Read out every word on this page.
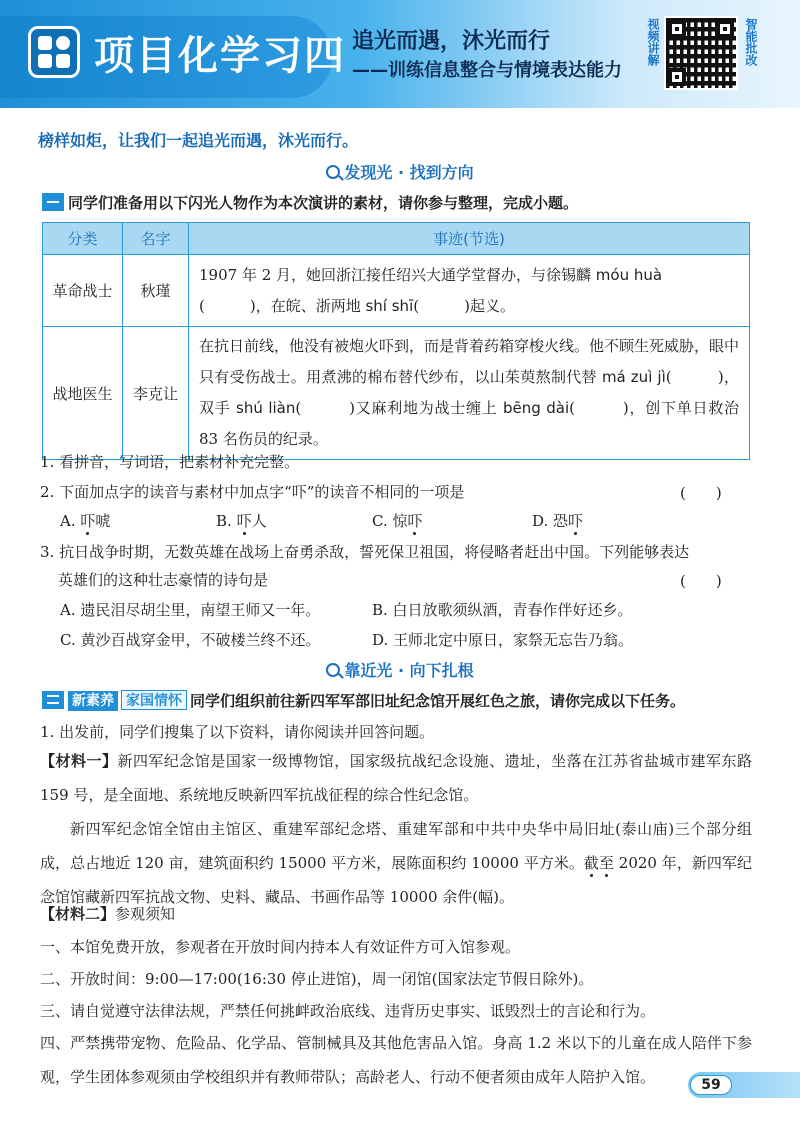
项目化学习四 追光而遇，沐光而行
——训练信息整合与情境表达能力
视频讲解	智能批改
榜样如炬，让我们一起追光而遇，沐光而行。
发现光 · 找到方向
同学们准备用以下闪光人物作为本次演讲的素材，请你参与整理，完成小题。
分类	名字	事迹(节选)
革命战士	秋瑾	1907 年 2 月，她回浙江接任绍兴大通学堂督办，与徐锡麟 móu huà
(　　　)，在皖、浙两地 shí shī(　　　)起义。
战地医生	李克让	在抗日前线，他没有被炮火吓到，而是背着药箱穿梭火线。他不顾生死威胁，眼中只有受伤战士。用煮沸的棉布替代纱布，以山茱萸熬制代替 má zuì jì(　　　)，双手 shú liàn(　　　)又麻利地为战士缠上 bēng dài(　　　)，创下单日救治 83 名伤员的纪录。
1. 看拼音，写词语，把素材补充完整。
2. 下面加点字的读音与素材中加点字“吓”的读音不相同的一项是	(　　)
A. 吓唬	B. 吓人	C. 惊吓	D. 恐吓
3. 抗日战争时期，无数英雄在战场上奋勇杀敌，誓死保卫祖国，将侵略者赶出中国。下列能够表达
英雄们的这种壮志豪情的诗句是	(　　)
A. 遗民泪尽胡尘里，南望王师又一年。	B. 白日放歌须纵酒，青春作伴好还乡。
C. 黄沙百战穿金甲，不破楼兰终不还。	D. 王师北定中原日，家祭无忘告乃翁。
靠近光 · 向下扎根
新素养 家国情怀 同学们组织前往新四军军部旧址纪念馆开展红色之旅，请你完成以下任务。
1. 出发前，同学们搜集了以下资料，请你阅读并回答问题。
【材料一】新四军纪念馆是国家一级博物馆，国家级抗战纪念设施、遗址，坐落在江苏省盐城市建军东路 159 号，是全面地、系统地反映新四军抗战征程的综合性纪念馆。
新四军纪念馆全馆由主馆区、重建军部纪念塔、重建军部和中共中央华中局旧址(泰山庙)三个部分组成，总占地近 120 亩，建筑面积约 15000 平方米，展陈面积约 10000 平方米。截至 2020 年，新四军纪念馆馆藏新四军抗战文物、史料、藏品、书画作品等 10000 余件(幅)。
【材料二】参观须知
一、本馆免费开放，参观者在开放时间内持本人有效证件方可入馆参观。
二、开放时间：9:00—17:00(16:30 停止进馆)，周一闭馆(国家法定节假日除外)。
三、请自觉遵守法律法规，严禁任何挑衅政治底线、违背历史事实、诋毁烈士的言论和行为。
四、严禁携带宠物、危险品、化学品、管制械具及其他危害品入馆。身高 1.2 米以下的儿童在成人陪伴下参观，学生团体参观须由学校组织并有教师带队；高龄老人、行动不便者须由成年人陪护入馆。	59
